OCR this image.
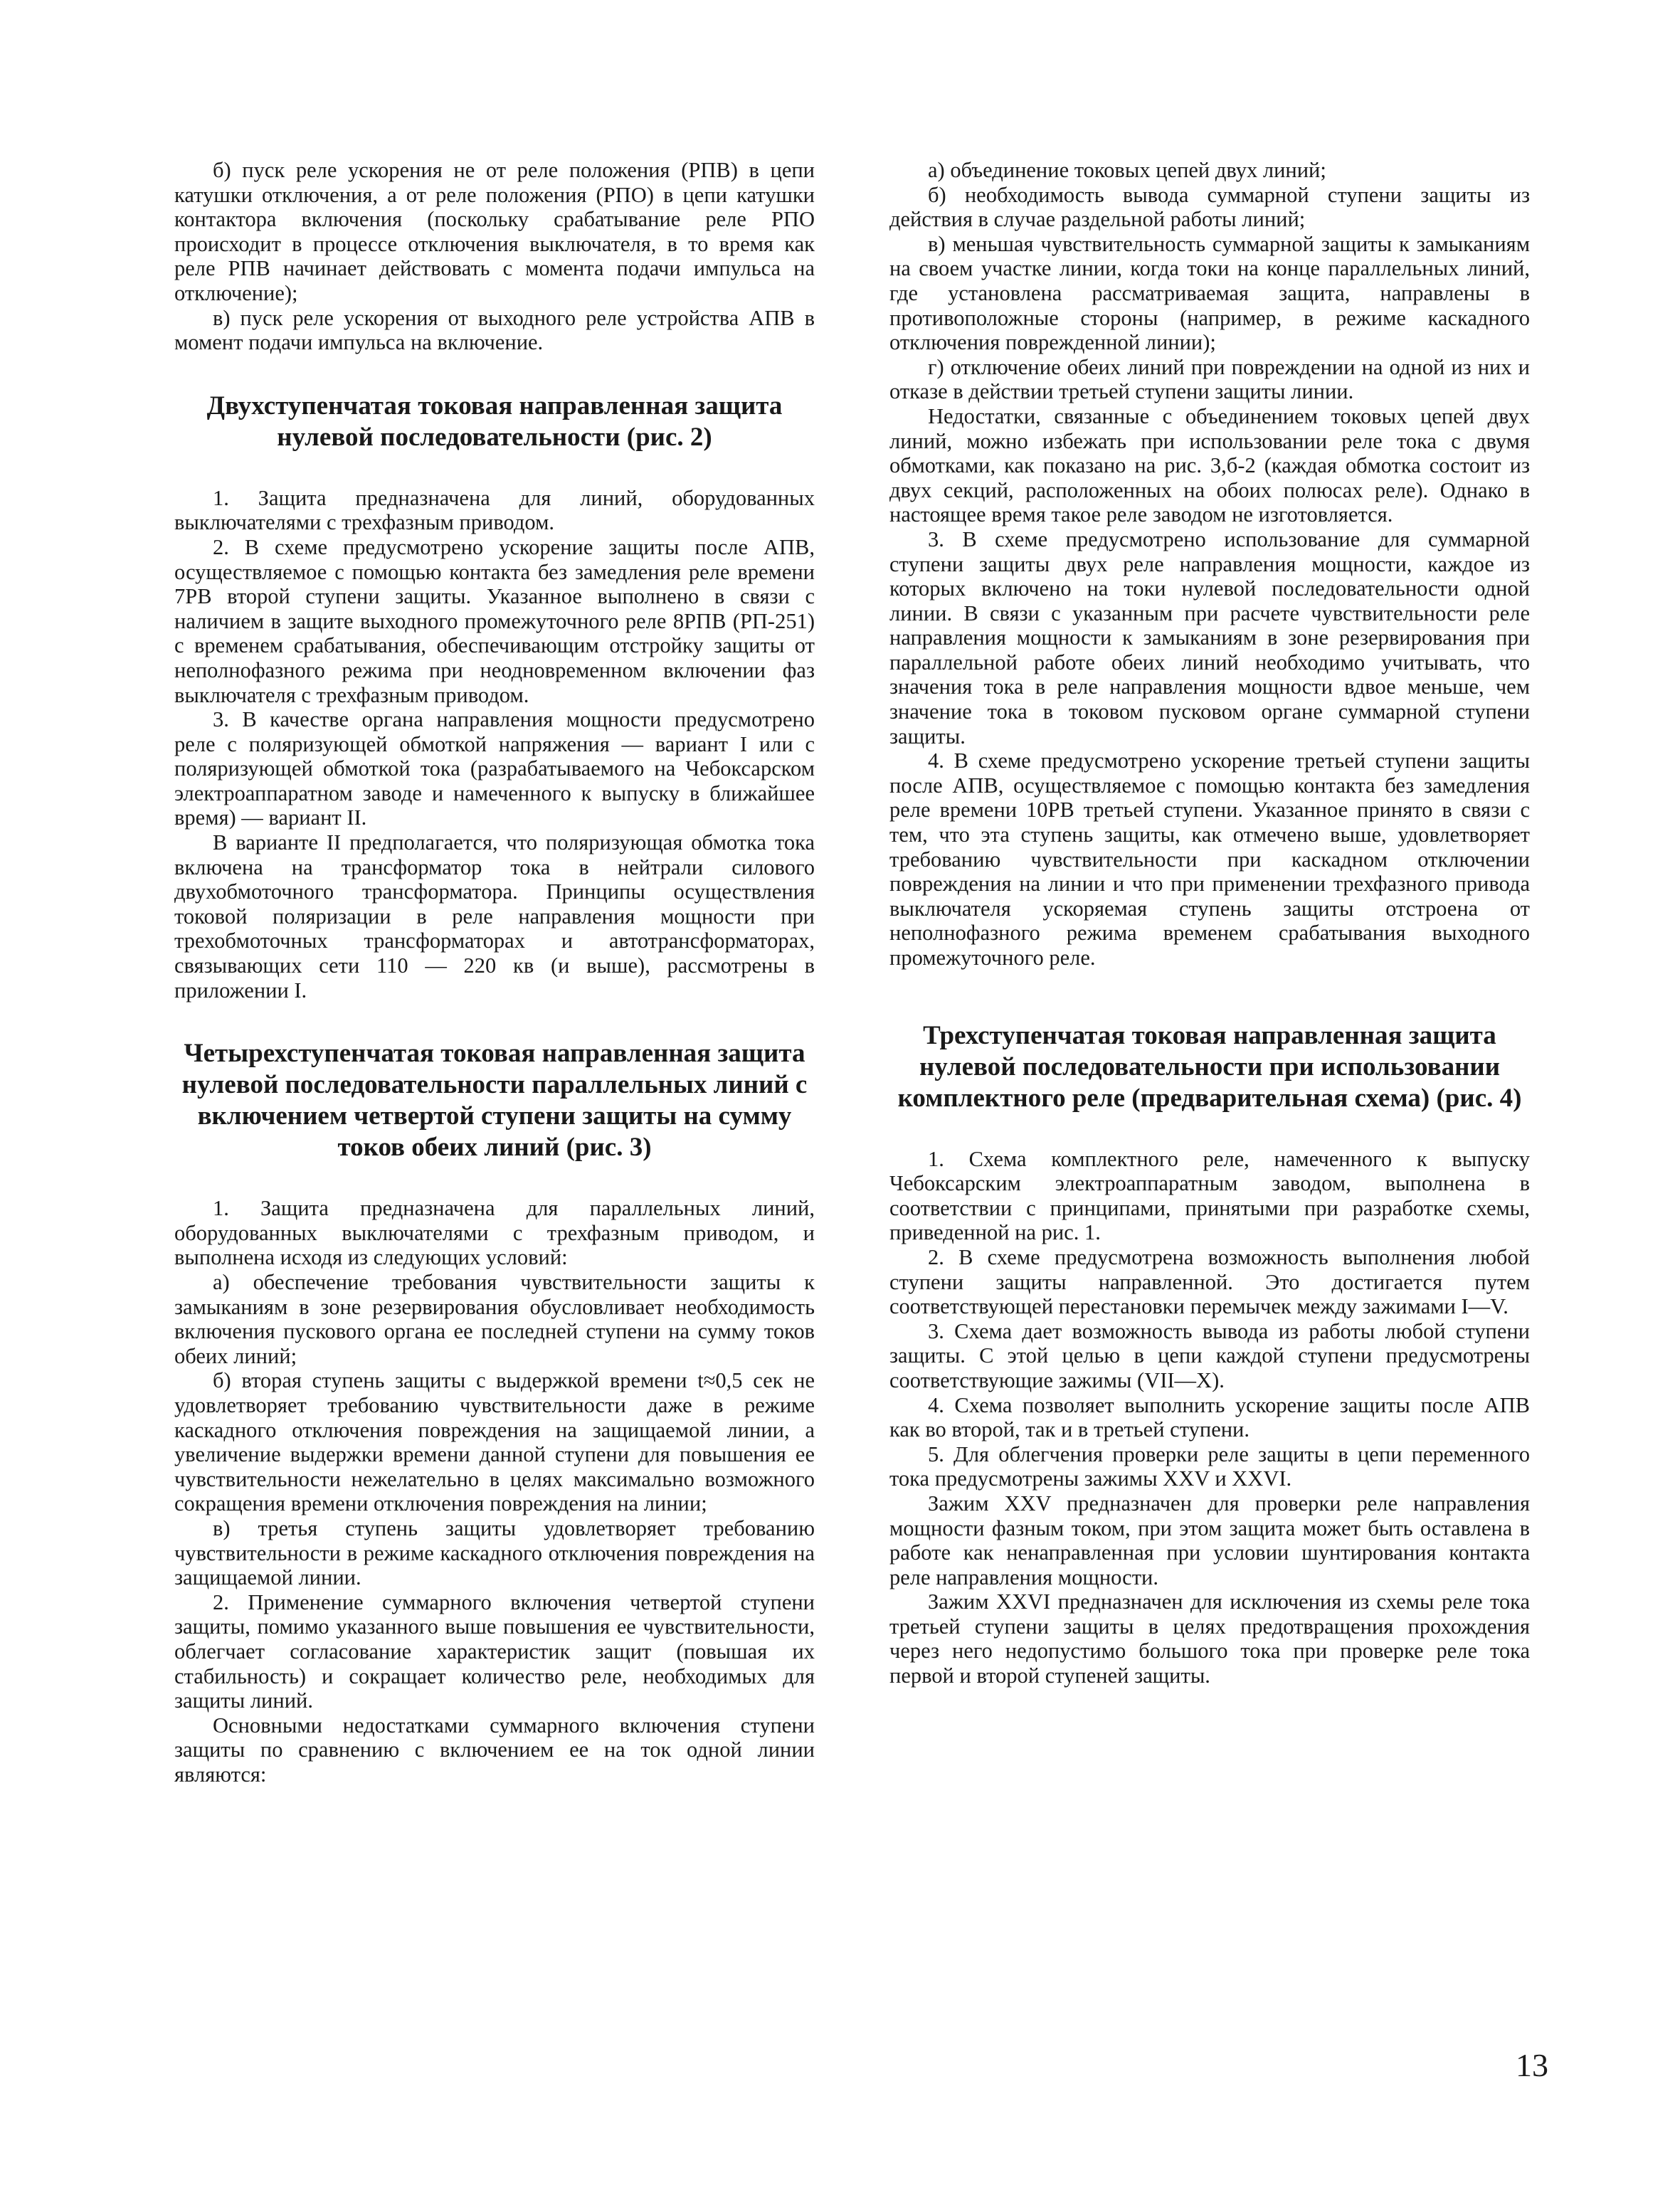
б) пуск реле ускорения не от реле положения (РПВ) в цепи катушки отключения, а от реле положения (РПО) в цепи катушки контактора включения (поскольку срабатывание реле РПО происходит в процессе отключения выключателя, в то время как реле РПВ начинает действовать с момента подачи импульса на отключение);

в) пуск реле ускорения от выходного реле устройства АПВ в момент подачи импульса на включение.

Двухступенчатая токовая направленная защита нулевой последовательности (рис. 2)

1. Защита предназначена для линий, оборудованных выключателями с трехфазным приводом.

2. В схеме предусмотрено ускорение защиты после АПВ, осуществляемое с помощью контакта без замедления реле времени 7РВ второй ступени защиты. Указанное выполнено в связи с наличием в защите выходного промежуточного реле 8РПВ (РП-251) с временем срабатывания, обеспечивающим отстройку защиты от неполнофазного режима при неодновременном включении фаз выключателя с трехфазным приводом.

3. В качестве органа направления мощности предусмотрено реле с поляризующей обмоткой напряжения — вариант I или с поляризующей обмоткой тока (разрабатываемого на Чебоксарском электроаппаратном заводе и намеченного к выпуску в ближайшее время) — вариант II.

В варианте II предполагается, что поляризующая обмотка тока включена на трансформатор тока в нейтрали силового двухобмоточного трансформатора. Принципы осуществления токовой поляризации в реле направления мощности при трехобмоточных трансформаторах и автотрансформаторах, связывающих сети 110 — 220 кв (и выше), рассмотрены в приложении I.

Четырехступенчатая токовая направленная защита нулевой последовательности параллельных линий с включением четвертой ступени защиты на сумму токов обеих линий (рис. 3)

1. Защита предназначена для параллельных линий, оборудованных выключателями с трехфазным приводом, и выполнена исходя из следующих условий:

а) обеспечение требования чувствительности защиты к замыканиям в зоне резервирования обусловливает необходимость включения пускового органа ее последней ступени на сумму токов обеих линий;

б) вторая ступень защиты с выдержкой времени t≈0,5 сек не удовлетворяет требованию чувствительности даже в режиме каскадного отключения повреждения на защищаемой линии, а увеличение выдержки времени данной ступени для повышения ее чувствительности нежелательно в целях максимально возможного сокращения времени отключения повреждения на линии;

в) третья ступень защиты удовлетворяет требованию чувствительности в режиме каскадного отключения повреждения на защищаемой линии.

2. Применение суммарного включения четвертой ступени защиты, помимо указанного выше повышения ее чувствительности, облегчает согласование характеристик защит (повышая их стабильность) и сокращает количество реле, необходимых для защиты линий.

Основными недостатками суммарного включения ступени защиты по сравнению с включением ее на ток одной линии являются:

а) объединение токовых цепей двух линий;

б) необходимость вывода суммарной ступени защиты из действия в случае раздельной работы линий;

в) меньшая чувствительность суммарной защиты к замыканиям на своем участке линии, когда токи на конце параллельных линий, где установлена рассматриваемая защита, направлены в противоположные стороны (например, в режиме каскадного отключения поврежденной линии);

г) отключение обеих линий при повреждении на одной из них и отказе в действии третьей ступени защиты линии.

Недостатки, связанные с объединением токовых цепей двух линий, можно избежать при использовании реле тока с двумя обмотками, как показано на рис. 3,б-2 (каждая обмотка состоит из двух секций, расположенных на обоих полюсах реле). Однако в настоящее время такое реле заводом не изготовляется.

3. В схеме предусмотрено использование для суммарной ступени защиты двух реле направления мощности, каждое из которых включено на токи нулевой последовательности одной линии. В связи с указанным при расчете чувствительности реле направления мощности к замыканиям в зоне резервирования при параллельной работе обеих линий необходимо учитывать, что значения тока в реле направления мощности вдвое меньше, чем значение тока в токовом пусковом органе суммарной ступени защиты.

4. В схеме предусмотрено ускорение третьей ступени защиты после АПВ, осуществляемое с помощью контакта без замедления реле времени 10РВ третьей ступени. Указанное принято в связи с тем, что эта ступень защиты, как отмечено выше, удовлетворяет требованию чувствительности при каскадном отключении повреждения на линии и что при применении трехфазного привода выключателя ускоряемая ступень защиты отстроена от неполнофазного режима временем срабатывания выходного промежуточного реле.

Трехступенчатая токовая направленная защита нулевой последовательности при использовании комплектного реле (предварительная схема) (рис. 4)

1. Схема комплектного реле, намеченного к выпуску Чебоксарским электроаппаратным заводом, выполнена в соответствии с принципами, принятыми при разработке схемы, приведенной на рис. 1.

2. В схеме предусмотрена возможность выполнения любой ступени защиты направленной. Это достигается путем соответствующей перестановки перемычек между зажимами I—V.

3. Схема дает возможность вывода из работы любой ступени защиты. С этой целью в цепи каждой ступени предусмотрены соответствующие зажимы (VII—X).

4. Схема позволяет выполнить ускорение защиты после АПВ как во второй, так и в третьей ступени.

5. Для облегчения проверки реле защиты в цепи переменного тока предусмотрены зажимы XXV и XXVI.

Зажим XXV предназначен для проверки реле направления мощности фазным током, при этом защита может быть оставлена в работе как ненаправленная при условии шунтирования контакта реле направления мощности.

Зажим XXVI предназначен для исключения из схемы реле тока третьей ступени защиты в целях предотвращения прохождения через него недопустимо большого тока при проверке реле тока первой и второй ступеней защиты.

13
